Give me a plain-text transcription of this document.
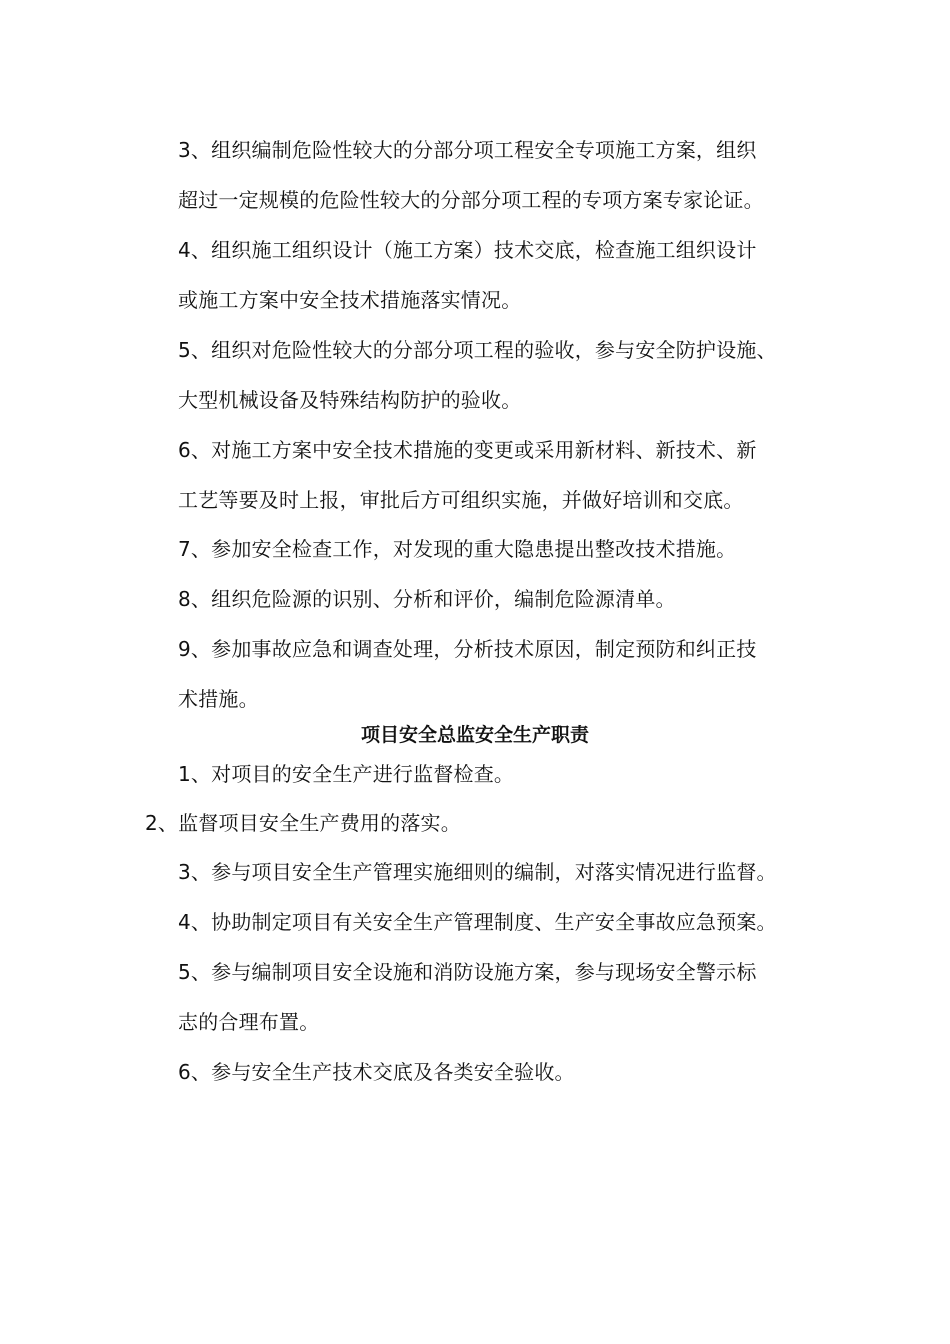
3、组织编制危险性较大的分部分项工程安全专项施工方案，组织
超过一定规模的危险性较大的分部分项工程的专项方案专家论证。
4、组织施工组织设计（施工方案）技术交底，检查施工组织设计
或施工方案中安全技术措施落实情况。
5、组织对危险性较大的分部分项工程的验收，参与安全防护设施、
大型机械设备及特殊结构防护的验收。
6、对施工方案中安全技术措施的变更或采用新材料、新技术、新
工艺等要及时上报，审批后方可组织实施，并做好培训和交底。
7、参加安全检查工作，对发现的重大隐患提出整改技术措施。
8、组织危险源的识别、分析和评价，编制危险源清单。
9、参加事故应急和调查处理，分析技术原因，制定预防和纠正技
术措施。
项目安全总监安全生产职责
1、对项目的安全生产进行监督检查。
2、监督项目安全生产费用的落实。
3、参与项目安全生产管理实施细则的编制，对落实情况进行监督。
4、协助制定项目有关安全生产管理制度、生产安全事故应急预案。
5、参与编制项目安全设施和消防设施方案，参与现场安全警示标
志的合理布置。
6、参与安全生产技术交底及各类安全验收。
